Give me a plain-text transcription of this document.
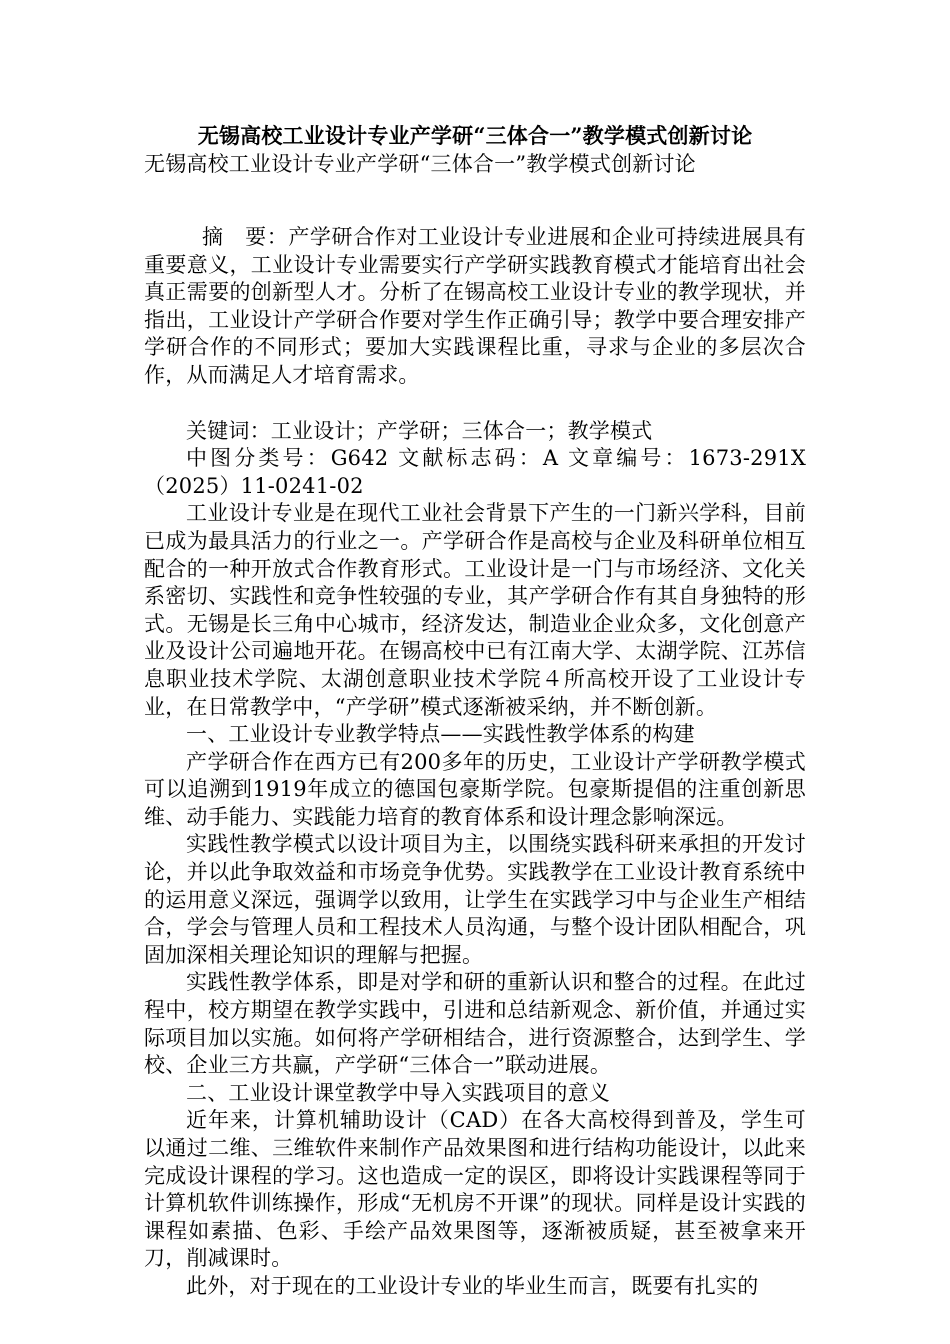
无锡高校工业设计专业产学研“三体合一”教学模式创新讨论
无锡高校工业设计专业产学研“三体合一”教学模式创新讨论
摘　要：产学研合作对工业设计专业进展和企业可持续进展具有重要意义，工业设计专业需要实行产学研实践教育模式才能培育出社会真正需要的创新型人才。分析了在锡高校工业设计专业的教学现状，并指出，工业设计产学研合作要对学生作正确引导；教学中要合理安排产学研合作的不同形式；要加大实践课程比重，寻求与企业的多层次合作，从而满足人才培育需求。

关键词：工业设计；产学研；三体合一；教学模式

中图分类号：G642 文献标志码：A 文章编号：1673-291X（2025）11-0241-02

工业设计专业是在现代工业社会背景下产生的一门新兴学科，目前已成为最具活力的行业之一。产学研合作是高校与企业及科研单位相互配合的一种开放式合作教育形式。工业设计是一门与市场经济、文化关系密切、实践性和竞争性较强的专业，其产学研合作有其自身独特的形式。无锡是长三角中心城市，经济发达，制造业企业众多，文化创意产业及设计公司遍地开花。在锡高校中已有江南大学、太湖学院、江苏信息职业技术学院、太湖创意职业技术学院４所高校开设了工业设计专业，在日常教学中，“产学研”模式逐渐被采纳，并不断创新。

一、工业设计专业教学特点——实践性教学体系的构建

产学研合作在西方已有200多年的历史，工业设计产学研教学模式可以追溯到1919年成立的德国包豪斯学院。包豪斯提倡的注重创新思维、动手能力、实践能力培育的教育体系和设计理念影响深远。

实践性教学模式以设计项目为主，以围绕实践科研来承担的开发讨论，并以此争取效益和市场竞争优势。实践教学在工业设计教育系统中的运用意义深远，强调学以致用，让学生在实践学习中与企业生产相结合，学会与管理人员和工程技术人员沟通，与整个设计团队相配合，巩固加深相关理论知识的理解与把握。

实践性教学体系，即是对学和研的重新认识和整合的过程。在此过程中，校方期望在教学实践中，引进和总结新观念、新价值，并通过实际项目加以实施。如何将产学研相结合，进行资源整合，达到学生、学校、企业三方共赢，产学研“三体合一”联动进展。

二、工业设计课堂教学中导入实践项目的意义

近年来，计算机辅助设计（CAD）在各大高校得到普及，学生可以通过二维、三维软件来制作产品效果图和进行结构功能设计，以此来完成设计课程的学习。这也造成一定的误区，即将设计实践课程等同于计算机软件训练操作，形成“无机房不开课”的现状。同样是设计实践的课程如素描、色彩、手绘产品效果图等，逐渐被质疑，甚至被拿来开刀，削减课时。

此外，对于现在的工业设计专业的毕业生而言，既要有扎实的
